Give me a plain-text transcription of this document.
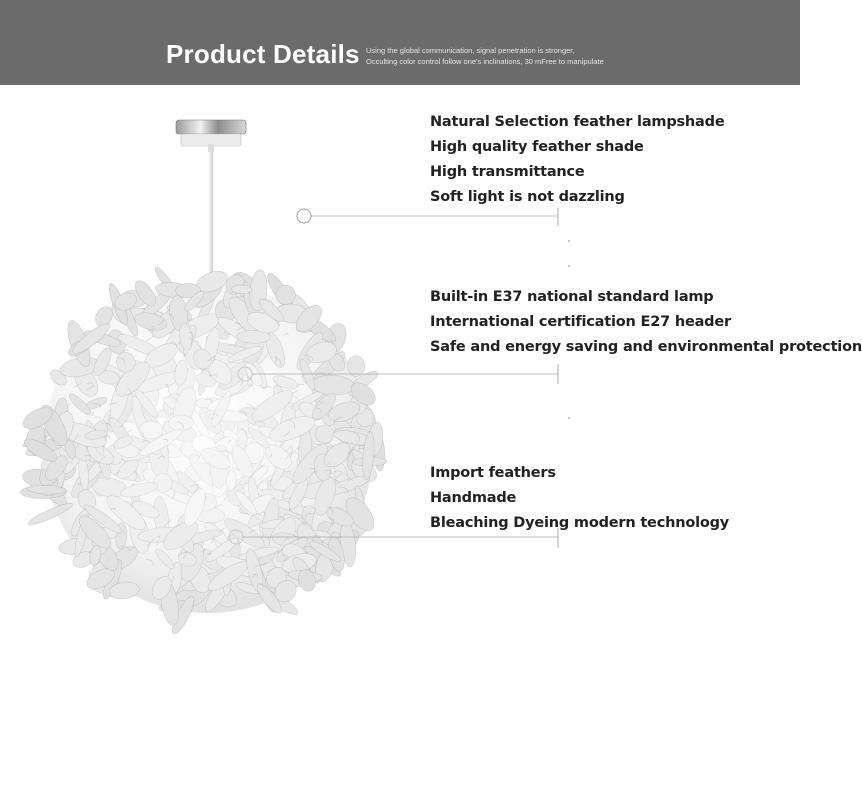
Product Details Using the global communication, signal penetration is stronger,
Occulting color control follow one's inclinations, 30 mFree to manipulate
Natural Selection feather lampshade
High quality feather shade
High transmittance
Soft light is not dazzling
Built-in E37 national standard lamp
International certification E27 header
Safe and energy saving and environmental protection
Import feathers
Handmade
Bleaching Dyeing modern technology
